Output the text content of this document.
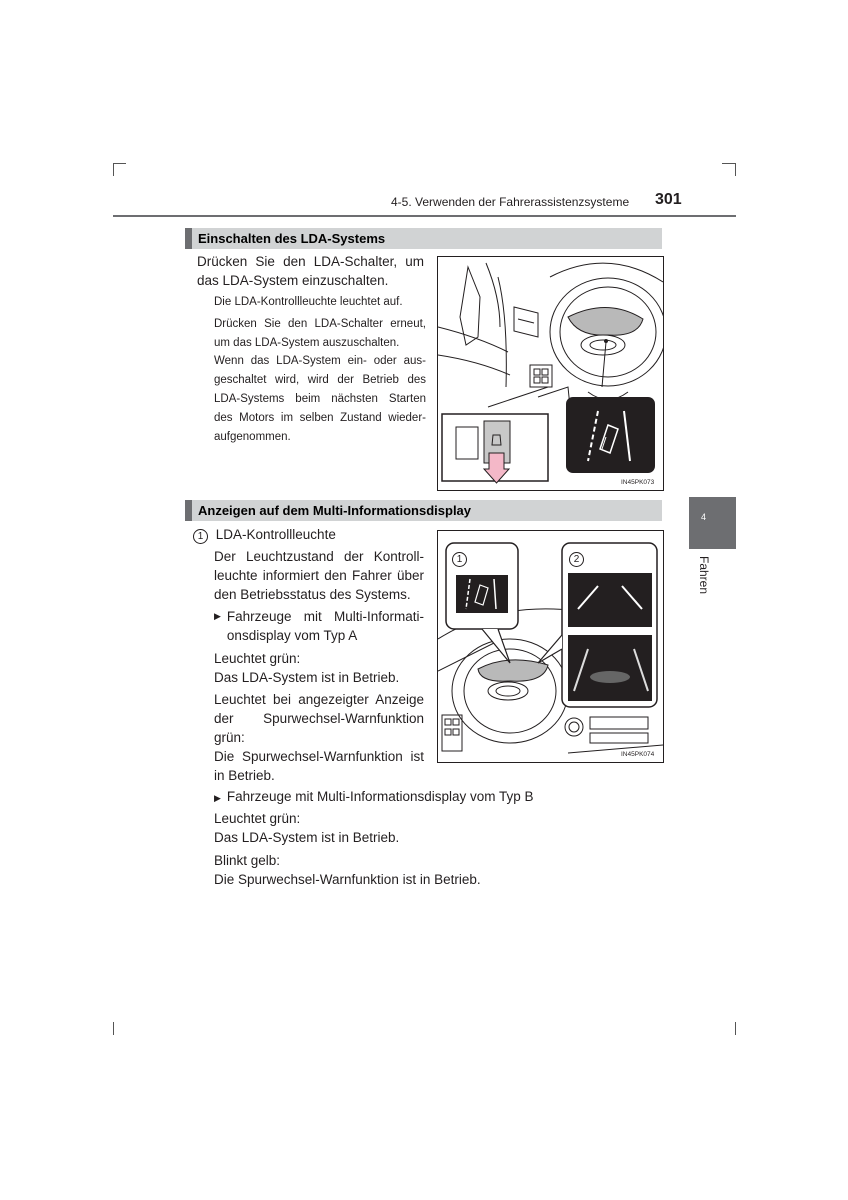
4-5. Verwenden der Fahrerassistenzsysteme 301
4
Fahren
Einschalten des LDA-Systems
Drücken Sie den LDA-Schalter, um
das LDA-System einzuschalten.
Die LDA-Kontrollleuchte leuchtet auf.
Drücken Sie den LDA-Schalter erneut,
um das LDA-System auszuschalten.
Wenn das LDA-System ein- oder aus-
geschaltet wird, wird der Betrieb des
LDA-Systems beim nächsten Starten
des Motors im selben Zustand wieder-
aufgenommen.
IN45PK073
Anzeigen auf dem Multi-Informationsdisplay
1 LDA-Kontrollleuchte
Der Leuchtzustand der Kontroll-
leuchte informiert den Fahrer über
den Betriebsstatus des Systems.
▶ Fahrzeuge mit Multi-Informati-
onsdisplay vom Typ A
Leuchtet grün:
Das LDA-System ist in Betrieb.
Leuchtet bei angezeigter Anzeige
der Spurwechsel-Warnfunktion
grün:
Die Spurwechsel-Warnfunktion ist
in Betrieb.
▶ Fahrzeuge mit Multi-Informationsdisplay vom Typ B
Leuchtet grün:
Das LDA-System ist in Betrieb.
Blinkt gelb:
Die Spurwechsel-Warnfunktion ist in Betrieb.
1	2
IN45PK074
